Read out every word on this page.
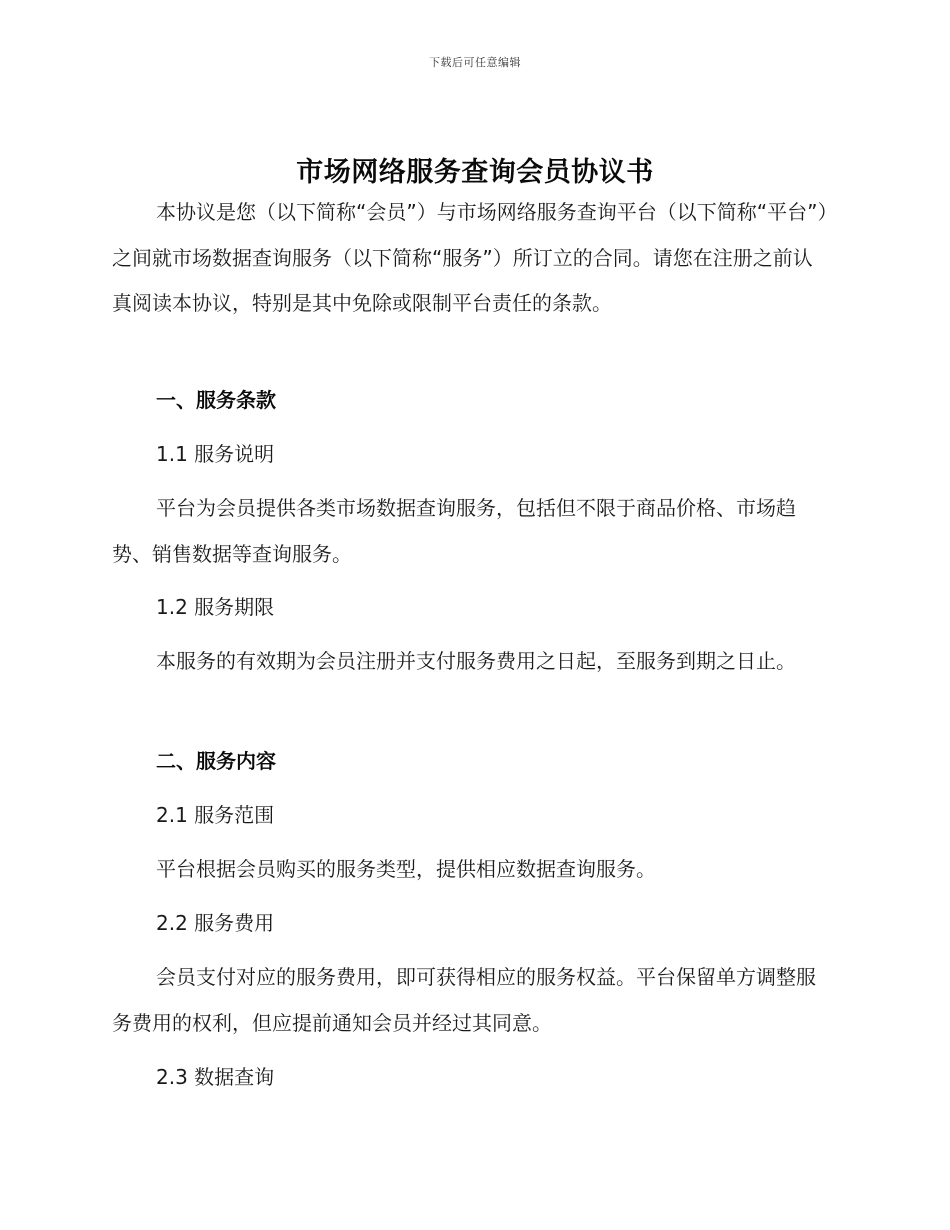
下载后可任意编辑
市场网络服务查询会员协议书

本协议是您（以下简称“会员”）与市场网络服务查询平台（以下简称“平台”）之间就市场数据查询服务（以下简称“服务”）所订立的合同。请您在注册之前认真阅读本协议，特别是其中免除或限制平台责任的条款。

一、服务条款

1.1 服务说明

平台为会员提供各类市场数据查询服务，包括但不限于商品价格、市场趋势、销售数据等查询服务。

1.2 服务期限

本服务的有效期为会员注册并支付服务费用之日起，至服务到期之日止。

二、服务内容

2.1 服务范围

平台根据会员购买的服务类型，提供相应数据查询服务。

2.2 服务费用

会员支付对应的服务费用，即可获得相应的服务权益。平台保留单方调整服务费用的权利，但应提前通知会员并经过其同意。

2.3 数据查询
